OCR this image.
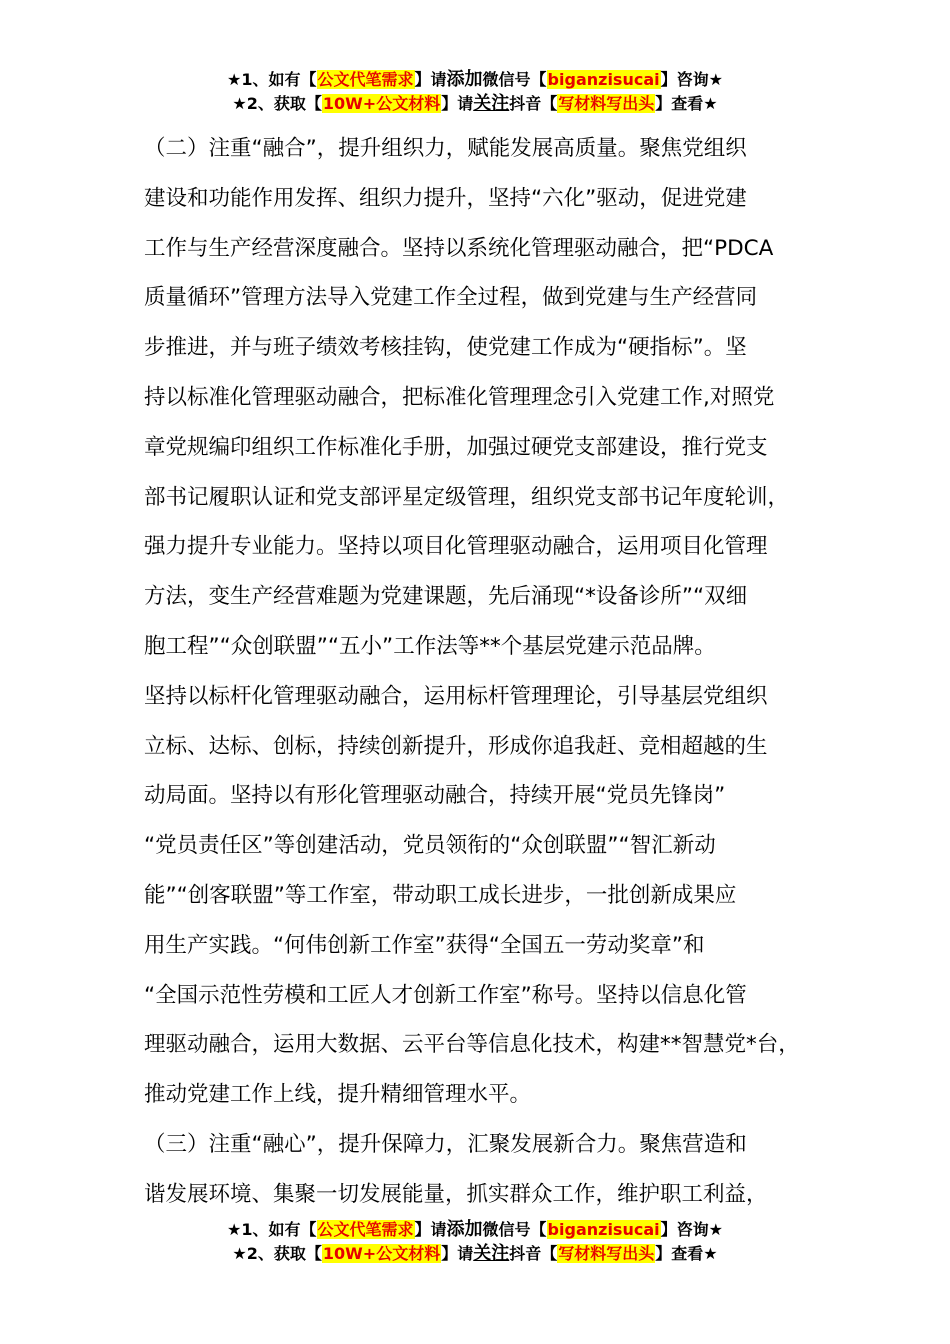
★1、如有【公文代笔需求】请添加微信号【biganzisucai】咨询★
★2、获取【10W+公文材料】请关注抖音【写材料写出头】查看★
（二）注重“融合”，提升组织力，赋能发展高质量。聚焦党组织
建设和功能作用发挥、组织力提升，坚持“六化”驱动，促进党建
工作与生产经营深度融合。坚持以系统化管理驱动融合，把“PDCA
质量循环”管理方法导入党建工作全过程，做到党建与生产经营同
步推进，并与班子绩效考核挂钩，使党建工作成为“硬指标”。坚
持以标准化管理驱动融合，把标准化管理理念引入党建工作,对照党
章党规编印组织工作标准化手册，加强过硬党支部建设，推行党支
部书记履职认证和党支部评星定级管理，组织党支部书记年度轮训，
强力提升专业能力。坚持以项目化管理驱动融合，运用项目化管理
方法，变生产经营难题为党建课题，先后涌现“*设备诊所”“双细
胞工程”“众创联盟”“五小”工作法等**个基层党建示范品牌。
坚持以标杆化管理驱动融合，运用标杆管理理论，引导基层党组织
立标、达标、创标，持续创新提升，形成你追我赶、竞相超越的生
动局面。坚持以有形化管理驱动融合，持续开展“党员先锋岗”
“党员责任区”等创建活动，党员领衔的“众创联盟”“智汇新动
能”“创客联盟”等工作室，带动职工成长进步，一批创新成果应
用生产实践。“何伟创新工作室”获得“全国五一劳动奖章”和
“全国示范性劳模和工匠人才创新工作室”称号。坚持以信息化管
理驱动融合，运用大数据、云平台等信息化技术，构建**智慧党*台，
推动党建工作上线，提升精细管理水平。
（三）注重“融心”，提升保障力，汇聚发展新合力。聚焦营造和
谐发展环境、集聚一切发展能量，抓实群众工作，维护职工利益，
★1、如有【公文代笔需求】请添加微信号【biganzisucai】咨询★
★2、获取【10W+公文材料】请关注抖音【写材料写出头】查看★
